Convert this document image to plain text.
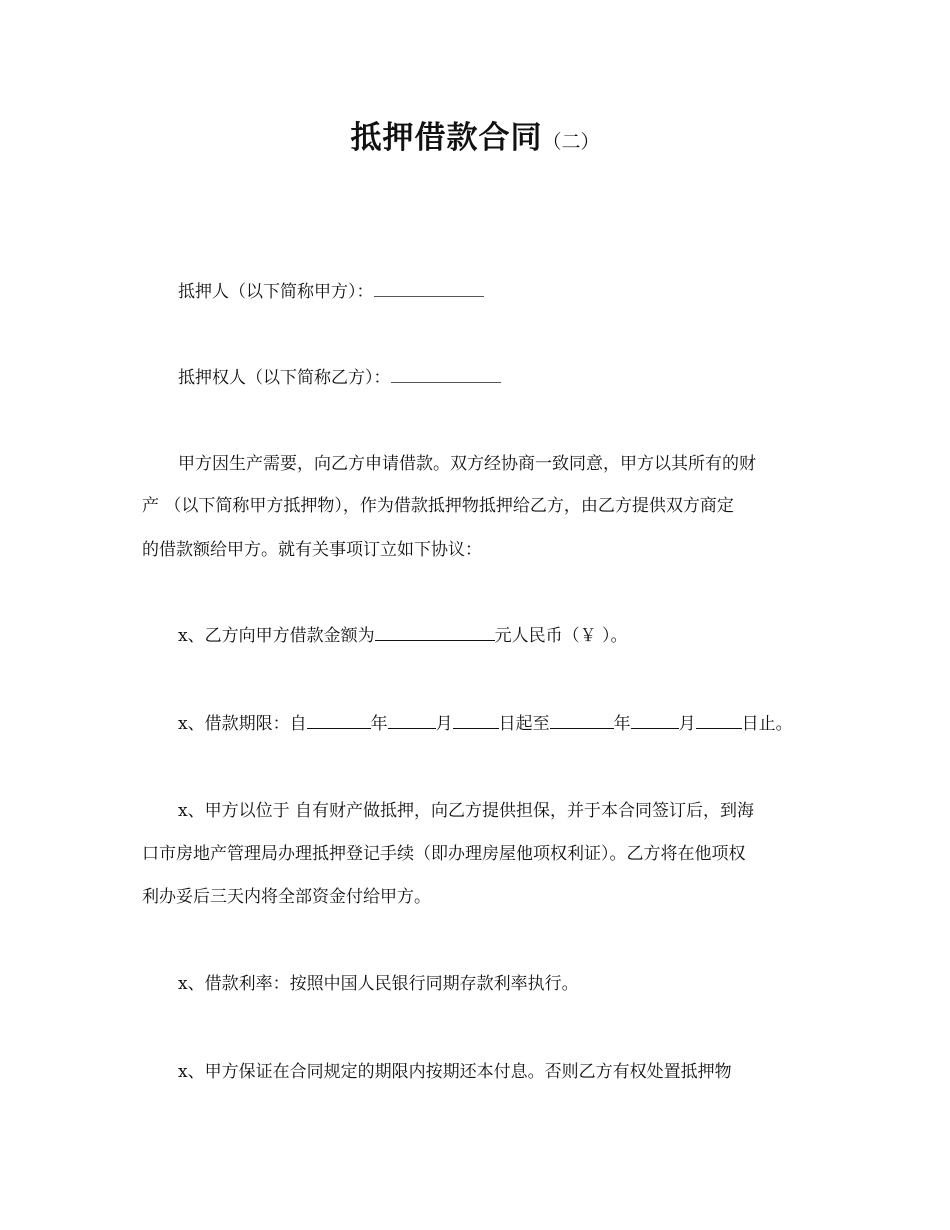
抵押借款合同（二）
抵押人（以下简称甲方）：
抵押权人（以下简称乙方）：
甲方因生产需要，向乙方申请借款。双方经协商一致同意，甲方以其所有的财
产 （以下简称甲方抵押物），作为借款抵押物抵押给乙方，由乙方提供双方商定
的借款额给甲方。就有关事项订立如下协议：
x、乙方向甲方借款金额为	元人民币（￥ ）。
x、借款期限：自	年	月	日起至	年	月	日止。
x、甲方以位于 自有财产做抵押，向乙方提供担保，并于本合同签订后，到海
口市房地产管理局办理抵押登记手续（即办理房屋他项权利证）。乙方将在他项权
利办妥后三天内将全部资金付给甲方。
x、借款利率：按照中国人民银行同期存款利率执行。
x、甲方保证在合同规定的期限内按期还本付息。否则乙方有权处置抵押物
